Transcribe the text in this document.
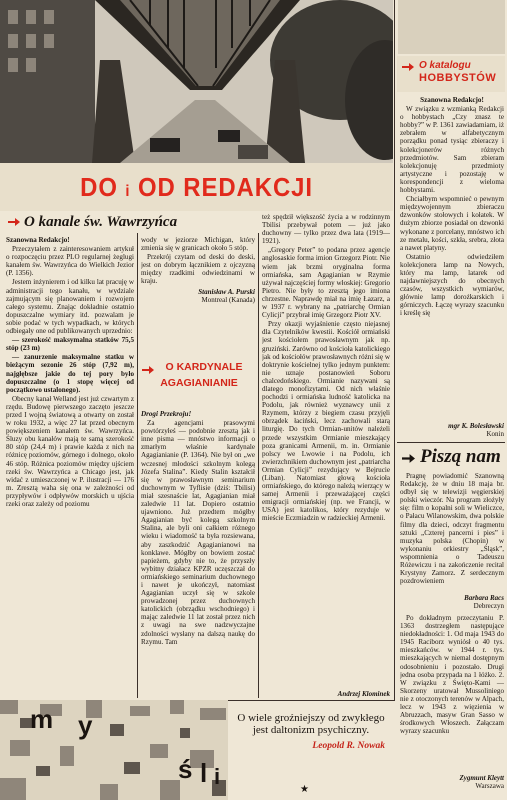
DO i OD REDAKCJI
O kanale św. Wawrzyńca

Szanowna Redakcjo!

Przeczytałem z zainteresowaniem artykuł o rozpoczęciu przez PLO regularnej żeglugi kanałem św. Wawrzyńca do Wielkich Jezior (P. 1356).

Jestem inżynierem i od kilku lat pracuję w administracji tego kanału, w wydziale zajmującym się planowaniem i rozwojem całego systemu. Znając dokładnie ostatnio dopuszczalne wymiary itd. pozwalam je sobie podać w tych wypadkach, w których odbiegały one od publikowanych uprzednio:

— szerokość maksymalna statków 75,5 stóp (23 m)

— zanurzenie maksymalne statku w bieżącym sezonie 26 stóp (7,92 m), najgłębsze jakie do tej pory było dopuszczalne (o 1 stopę więcej od początkowo ustalonego).

Obecny kanał Welland jest już czwartym z rzędu. Budowę pierwszego zaczęto jeszcze przed I wojną światową a otwarty on został w roku 1932, a więc 27 lat przed obecnym powiększeniem kanałem św. Wawrzyńca. Śluzy obu kanałów mają te samą szerokość 80 stóp (24,4 m) i prawie każda z nich na różnicę poziomów, górnego i dolnego, około 46 stóp. Różnica poziomów między ujściem rzeki św. Wawrzyńca a Chicago jest, jak widać z umieszczonej w P. ilustracji — 176 m. Zresztą waha się ona w zależności od przypływów i odpływów morskich u ujścia rzeki oraz zależy od poziomu

wody w jeziorze Michigan, który zmienia się w granicach około 5 stóp.

Przekrój czytam od deski do deski, jest on dobrym łącznikiem z ojczyzną między rzadkimi odwiedzinami w kraju.

Stanisław A. Purski
Montreal (Kanada)
O KARDYNALE
AGAGIANIANIE

Drogi Przekroju!

Za agencjami prasowymi powtórzyłeś — podobnie zresztą jak i inne pisma — mnóstwo informacji o zmarłym właśnie kardynale Agagianianie (P. 1364). Nie był on „we wczesnej młodości szkolnym kolegą Józefa Stalina”. Kiedy Stalin kształcił się w prawosławnym seminarium duchownym w Tyflisie (dziś: Tbilisi) miał szesnaście lat, Agagianian miał zaledwie 11 lat. Dopiero ostatnio ujawniono. Już przedtem mógłby Agagianian być kolegą szkolnym Stalina, ale byli oni całkiem różnego wieku i wiadomość ta była rozsiewana, aby zaszkodzić Agagianianowi na konklawe. Mógłby on bowiem zostać papieżem, gdyby nie to, że przyszły wybitny działacz KPZR uczęszczał do ormiańskiego seminarium duchownego i nawet je ukończył, natomiast Agagianian uczył się w szkole prowadzonej przez duchownych katolickich (obrządku wschodniego) i mając zaledwie 11 lat został przez nich z uwagi na swe nadzwyczajne zdolności wysłany na dalszą naukę do Rzymu. Tam

też spędził większość życia a w rodzinnym Tbilisi przebywał potem — już jako duchowny — tylko przez dwa lata (1919—1921).

„Gregory Peter” to podana przez agencje anglosaskie forma imion Grzegorz Piotr. Nie wiem jak brzmi oryginalna forma ormiańska, sam Agagianian w Rzymie używał najczęściej formy włoskiej: Gregorio Pietro. Nie były to zresztą jego imiona chrzestne. Naprawdę miał na imię Łazarz, a w 1937 r. wybrany na „patriarchę Ormian Cylicji” przybrał imię Grzegorz Piotr XV.

Przy okazji wyjaśnienie często niejasnej dla Czytelników kwestii. Kościół ormiański jest kościołem prawosławnym jak np. gruziński. Zarówno od kościoła katolickiego jak od kościołów prawosławnych różni się w doktrynie kościelnej tylko jednym punktem: nie uznaje postanowień Soboru chalcedońskiego. Ormianie nazywani są dlatego monofizytami. Od nich właśnie pochodzi i ormiańska ludność katolicka na Podolu, jak również wyznawcy unii z Rzymem, którzy z biegiem czasu przyjęli obrządek łaciński, lecz zachowali starą liturgię. Do tych Ormian-unitów należeli przede wszystkim Ormianie mieszkający poza granicami Armenii, m. in. Ormianie polscy we Lwowie i na Podolu, ich zwierzchnikiem duchownym jest „patriarcha Ormian Cylicji” rezydujący w Bejrucie (Liban). Natomiast głową kościoła ormiańskiego, do którego należą wierzący w samej Armenii i przeważającej części emigracji ormiańskiej (np. we Francji, w USA) jest katolikos, który rezyduje w mieście Eczmiadzin w radzieckiej Armenii.

Andrzej Klominek
O katalogu
HOBBYSTÓW

Szanowna Redakcjo!

W związku z wzmianką Redakcji o hobbystach „Czy znasz te hobby?” w P. 1361 zawiadamiam, iż zebrałem w alfabetycznym porządku ponad tysiąc zbieraczy i kolekcjonerów różnych przedmiotów. Sam zbieram kolekcjonuję przedmioty artystyczne i pozostaję w korespondencji z wieloma hobbystami.

Chciałbym wspomnieć o pewnym międzywojennym zbieraczu dzwonków stołowych i kołatek. W dużym zbiorze posiadał on dzwonki wykonane z porcelany, mnóstwo ich ze metalu, kości, szkła, srebra, złota a nawet platyny.

Ostatnio odwiedziłem kolekcjonera lamp na Nowych, który ma lamp, latarek od najdawniejszych do obecnych czasów, wszystkich wymiarów, głównie lamp dorożkarskich i górniczych. Łączę wyrazy szacunku i kreślę się

mgr K. Bolesławski
Konin
Piszą nam

Pragnę powiadomić Szanowną Redakcję, że w dniu 18 maja br. odbył się w telewizji węgierskiej polski wieczór. Na program złożyły się: film o kopalni soli w Wieliczce, o Pałacu Wilanowskim, dwa polskie filmy dla dzieci, odczyt fragmentu sztuki „Czterej pancerni i pies” i muzyka polska (Chopin) w wykonaniu orkiestry „Śląsk”, wspomnienia o Tadeuszu Różewiczu i na zakończenie recital Krystyny Zamorz. Z serdecznym pozdrowieniem

Barbara Racs
Debreczyn

Po dokładnym przeczytaniu P. 1363 dostrzegłem następujące niedokładności: 1. Od maja 1943 do 1945 Raciborz wyniósł o 40 tys. mieszkańców. w 1944 r. tys. mieszkających w niemal dostępnym odosobnieniu i pozostało. Drugi jedna osoba przypada na 1 łóżko. 2. W związku z Święto-Kami — Skorzeny uratował Mussoliniego nie z otoczonych terenów w Alpach, lecz w 1943 z więzienia w Abruzzach, masyw Gran Sasso w środkowych Włoszech. Załączam wyrazy szacunku

Zygmunt Kleytt
Warszawa
m y
ś l i
O wiele groźniejszy od zwykłego jest daltonizm psychiczny.
Leopold R. Nowak
★
